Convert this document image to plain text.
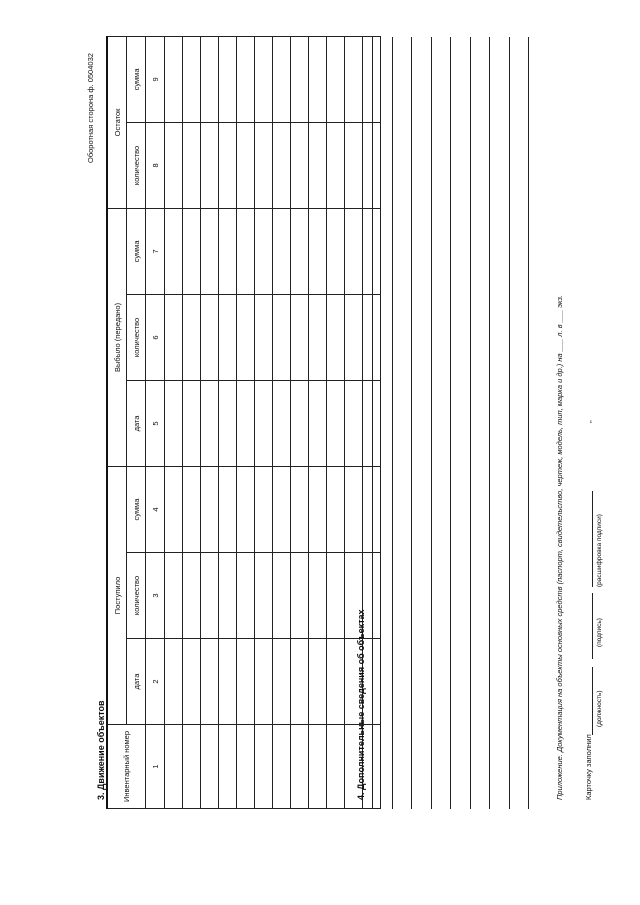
Оборотная сторона ф. 0504032
3. Движение объектов Инвентарный номер	Поступило			Выбыло (передано)			Остаток	
	дата	количество	сумма	дата	количество	сумма	количество	сумма
1	2	3	4	5	6	7	8	9

4. Дополнительные сведения об объектах	Приложение. Документация на объекты основных средств (паспорт, свидетельство, чертеж, модель, тип, марка и др.) на ___ л. в ___ экз.	Карточку заполнил
(должность)
(подпись)
(расшифровка подписи)
"
